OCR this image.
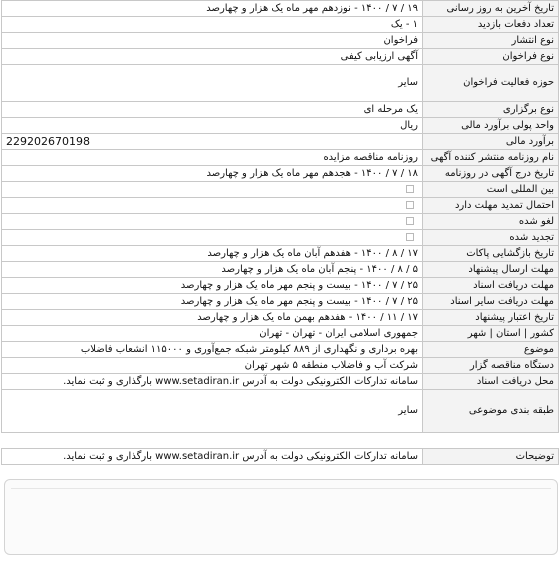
تاریخ آخرین به روز رسانی	۱۹ / ۷ / ۱۴۰۰ - نوزدهم مهر ماه یک هزار و چهارصد
تعداد دفعات بازدید	۱ - یک
نوع انتشار	فراخوان
نوع فراخوان	آگهی ارزیابی کیفی
حوزه فعالیت فراخوان	سایر
نوع برگزاری	یک مرحله ای
واحد پولی برآورد مالی	ریال
برآورد مالی	229202670198
نام روزنامه منتشر کننده آگهی	روزنامه مناقصه مزایده
تاریخ درج آگهی در روزنامه	۱۸ / ۷ / ۱۴۰۰ - هجدهم مهر ماه یک هزار و چهارصد
بین المللی است	
احتمال تمدید مهلت دارد	
لغو شده	
تجدید شده	
تاریخ بازگشایی پاکات	۱۷ / ۸ / ۱۴۰۰ - هفدهم آبان ماه یک هزار و چهارصد
مهلت ارسال پیشنهاد	۵ / ۸ / ۱۴۰۰ - پنجم آبان ماه یک هزار و چهارصد
مهلت دریافت اسناد	۲۵ / ۷ / ۱۴۰۰ - بیست و پنجم مهر ماه یک هزار و چهارصد
مهلت دریافت سایر اسناد	۲۵ / ۷ / ۱۴۰۰ - بیست و پنجم مهر ماه یک هزار و چهارصد
تاریخ اعتبار پیشنهاد	۱۷ / ۱۱ / ۱۴۰۰ - هفدهم بهمن ماه یک هزار و چهارصد
کشور | استان | شهر	جمهوری اسلامی ایران - تهران - تهران
موضوع	بهره برداری و نگهداری از ۸۸۹ کیلومتر شبکه جمع‌آوری و ۱۱۵۰۰۰ انشعاب فاضلاب
دستگاه مناقصه گزار	شرکت آب و فاضلاب منطقه ۵ شهر تهران
محل دریافت اسناد	سامانه تدارکات الکترونیکی دولت به آدرس www.setadiran.ir بارگذاری و ثبت نماید.
طبقه بندی موضوعی	سایر

توضیحات	سامانه تدارکات الکترونیکی دولت به آدرس www.setadiran.ir بارگذاری و ثبت نماید.
